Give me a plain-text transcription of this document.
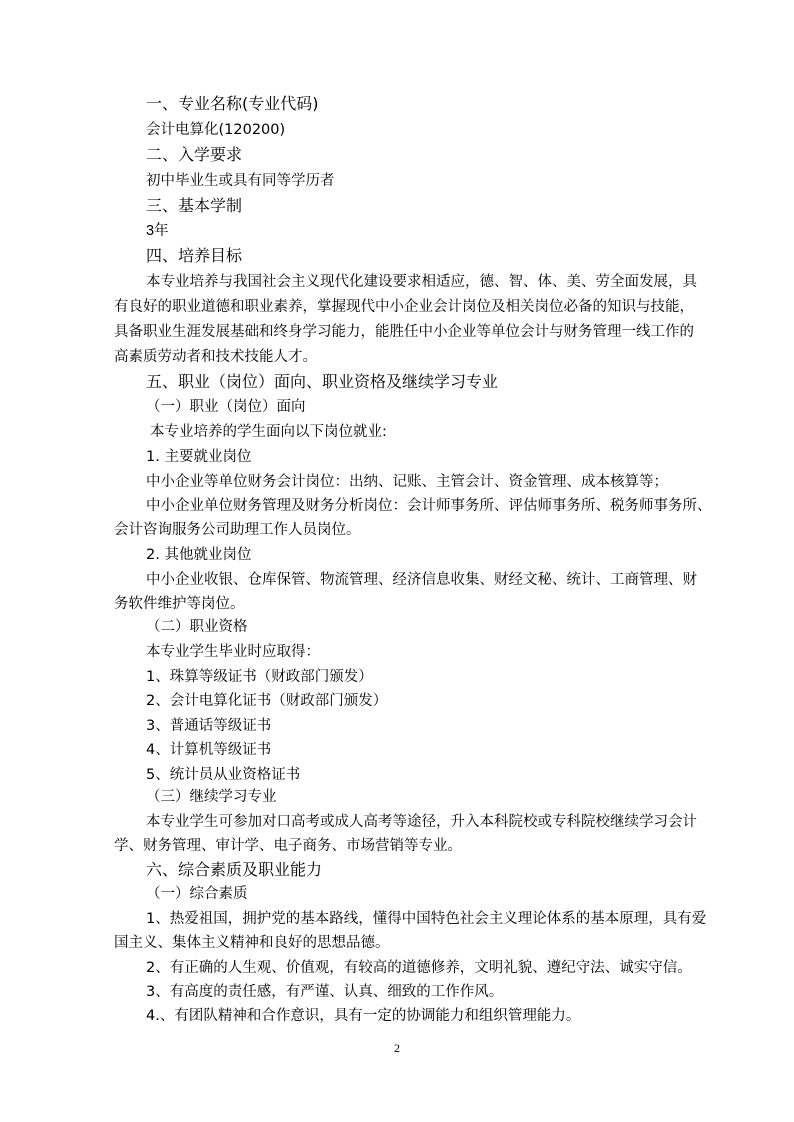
一、专业名称(专业代码)
会计电算化(120200)
二、入学要求
初中毕业生或具有同等学历者
三、基本学制
3年
四、培养目标
本专业培养与我国社会主义现代化建设要求相适应，德、智、体、美、劳全面发展，具
有良好的职业道德和职业素养，掌握现代中小企业会计岗位及相关岗位必备的知识与技能，
具备职业生涯发展基础和终身学习能力，能胜任中小企业等单位会计与财务管理一线工作的
高素质劳动者和技术技能人才。
五、职业（岗位）面向、职业资格及继续学习专业
（一）职业（岗位）面向
本专业培养的学生面向以下岗位就业:
1. 主要就业岗位
中小企业等单位财务会计岗位：出纳、记账、主管会计、资金管理、成本核算等；
中小企业单位财务管理及财务分析岗位：会计师事务所、评估师事务所、税务师事务所、
会计咨询服务公司助理工作人员岗位。
2. 其他就业岗位
中小企业收银、仓库保管、物流管理、经济信息收集、财经文秘、统计、工商管理、财
务软件维护等岗位。
（二）职业资格
本专业学生毕业时应取得：
1、珠算等级证书（财政部门颁发）
2、会计电算化证书（财政部门颁发）
3、普通话等级证书
4、计算机等级证书
5、统计员从业资格证书
（三）继续学习专业
本专业学生可参加对口高考或成人高考等途径，升入本科院校或专科院校继续学习会计
学、财务管理、审计学、电子商务、市场营销等专业。
六、综合素质及职业能力
（一）综合素质
1、热爱祖国，拥护党的基本路线，懂得中国特色社会主义理论体系的基本原理，具有爱
国主义、集体主义精神和良好的思想品德。
2、有正确的人生观、价值观，有较高的道德修养，文明礼貌、遵纪守法、诚实守信。
3、有高度的责任感，有严谨、认真、细致的工作作风。
4.、有团队精神和合作意识，具有一定的协调能力和组织管理能力。
2
